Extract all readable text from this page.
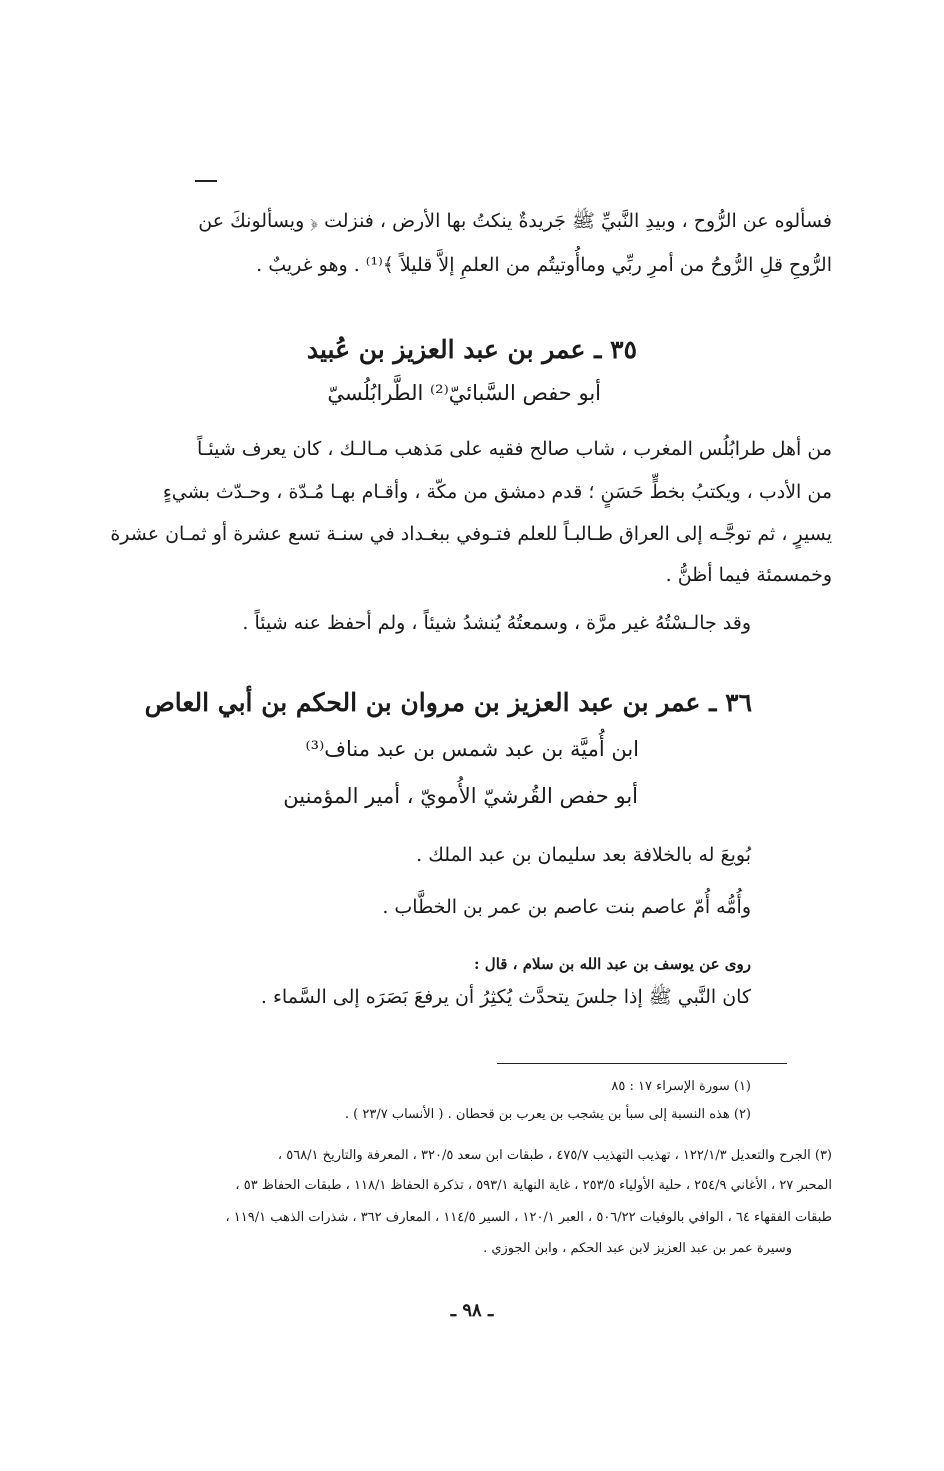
فسألوه عن الرُّوح ، وبيدِ النَّبيِّ ﷺ جَريدةٌ ينكتُ بها الأرض ، فنزلت ﴿ ويسألونكَ عن
الرُّوحِ قلِ الرُّوحُ من أمرِ ربِّي وماأُوتيتُم من العلمِ إلاَّ قليلاً ﴾⁽¹⁾ . وهو غريبٌ .
٣٥ ـ عمر بن عبد العزيز بن عُبيد
أبو حفص السَّبائيّ⁽²⁾ الطَّرابُلُسيّ
من أهل طرابُلُس المغرب ، شاب صالح فقيه على مَذهب مـالـك ، كان يعرف شيئـاً
من الأدب ، ويكتبُ بخطٍّ حَسَنٍ ؛ قدم دمشق من مكّة ، وأقـام بهـا مُـدّة ، وحـدّث بشيءٍ
يسيرٍ ، ثم توجَّـه إلى العراق طـالبـاً للعلم فتـوفي ببغـداد في سنـة تسع عشرة أو ثمـان عشرة
وخمسمئة فيما أظنُّ .
وقد جالـسْتُهُ غير مرَّة ، وسمعتُهُ يُنشدُ شيئاً ، ولم أحفظ عنه شيئاً .
٣٦ ـ عمر بن عبد العزيز بن مروان بن الحكم بن أبي العاص
ابن أُميَّة بن عبد شمس بن عبد مناف⁽³⁾
أبو حفص القُرشيّ الأُمويّ ، أمير المؤمنين
بُويعَ له بالخلافة بعد سليمان بن عبد الملك .
وأُمُّه أُمّ عاصم بنت عاصم بن عمر بن الخطَّاب .
روى عن يوسف بن عبد الله بن سلام ، قال :
كان النَّبي ﷺ إذا جلسَ يتحدَّث يُكثِرُ أن يرفعَ بَصَرَه إلى السَّماء .
(١) سورة الإسراء ١٧ : ٨٥
(٢) هذه النسبة إلى سبأ بن يشجب بن يعرب بن قحطان . ( الأنساب ٢٣/٧ ) .
(٣) الجرح والتعديل ١٢٢/١/٣ ، تهذيب التهذيب ٤٧٥/٧ ، طبقات ابن سعد ٣٢٠/٥ ، المعرفة والتاريخ ٥٦٨/١ ،
المحبر ٢٧ ، الأغاني ٢٥٤/٩ ، حلية الأولياء ٢٥٣/٥ ، غاية النهاية ٥٩٣/١ ، تذكرة الحفاظ ١١٨/١ ، طبقات الحفاظ ٥٣ ،
طبقات الفقهاء ٦٤ ، الوافي بالوفيات ٥٠٦/٢٢ ، العبر ١٢٠/١ ، السير ١١٤/٥ ، المعارف ٣٦٢ ، شذرات الذهب ١١٩/١ ،
وسيرة عمر بن عبد العزيز لابن عبد الحكم ، وابن الجوزي .
ـ ٩٨ ـ
